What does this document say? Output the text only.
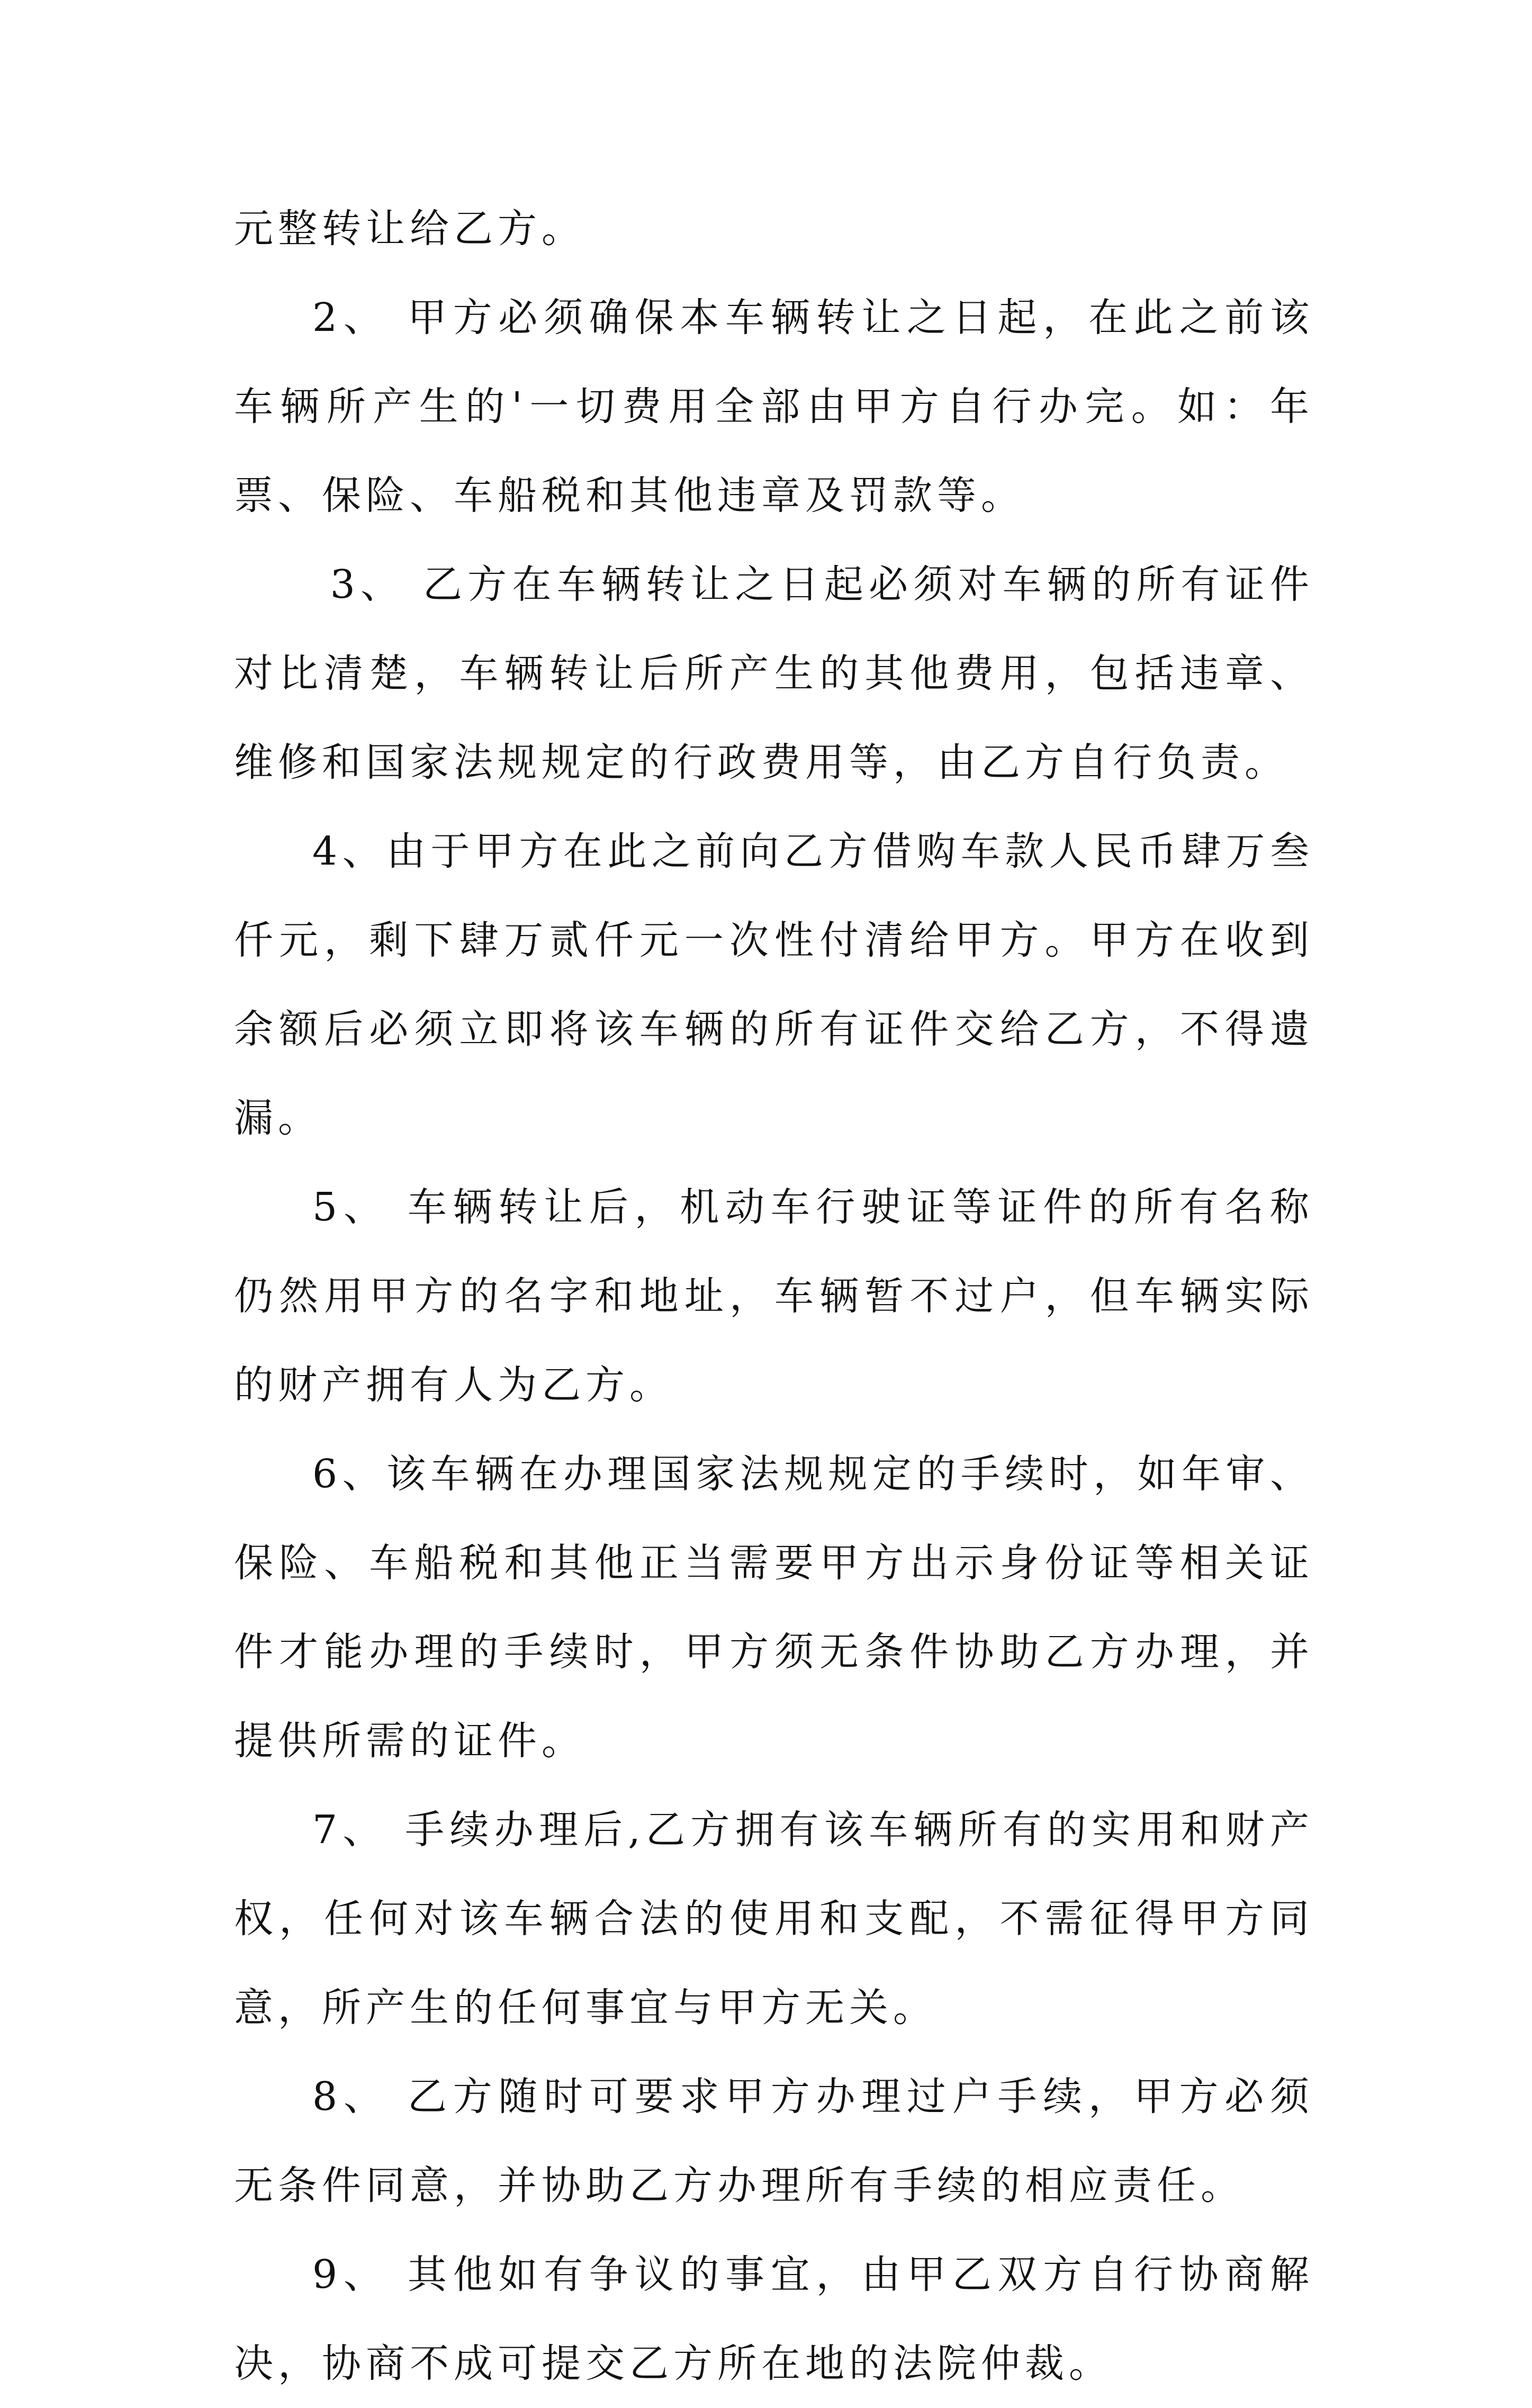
元整转让给乙方。

2、 甲方必须确保本车辆转让之日起，在此之前该车辆所产生的'一切费用全部由甲方自行办完。如：年票、保险、车船税和其他违章及罚款等。

3、 乙方在车辆转让之日起必须对车辆的所有证件对比清楚，车辆转让后所产生的其他费用，包括违章、维修和国家法规规定的行政费用等，由乙方自行负责。

4、由于甲方在此之前向乙方借购车款人民币肆万叁仟元，剩下肆万贰仟元一次性付清给甲方。甲方在收到余额后必须立即将该车辆的所有证件交给乙方，不得遗漏。

5、 车辆转让后，机动车行驶证等证件的所有名称仍然用甲方的名字和地址，车辆暂不过户，但车辆实际的财产拥有人为乙方。

6、该车辆在办理国家法规规定的手续时，如年审、保险、车船税和其他正当需要甲方出示身份证等相关证件才能办理的手续时，甲方须无条件协助乙方办理，并提供所需的证件。

7、 手续办理后,乙方拥有该车辆所有的实用和财产权，任何对该车辆合法的使用和支配，不需征得甲方同意，所产生的任何事宜与甲方无关。

8、 乙方随时可要求甲方办理过户手续，甲方必须无条件同意，并协助乙方办理所有手续的相应责任。

9、 其他如有争议的事宜，由甲乙双方自行协商解决，协商不成可提交乙方所在地的法院仲裁。
